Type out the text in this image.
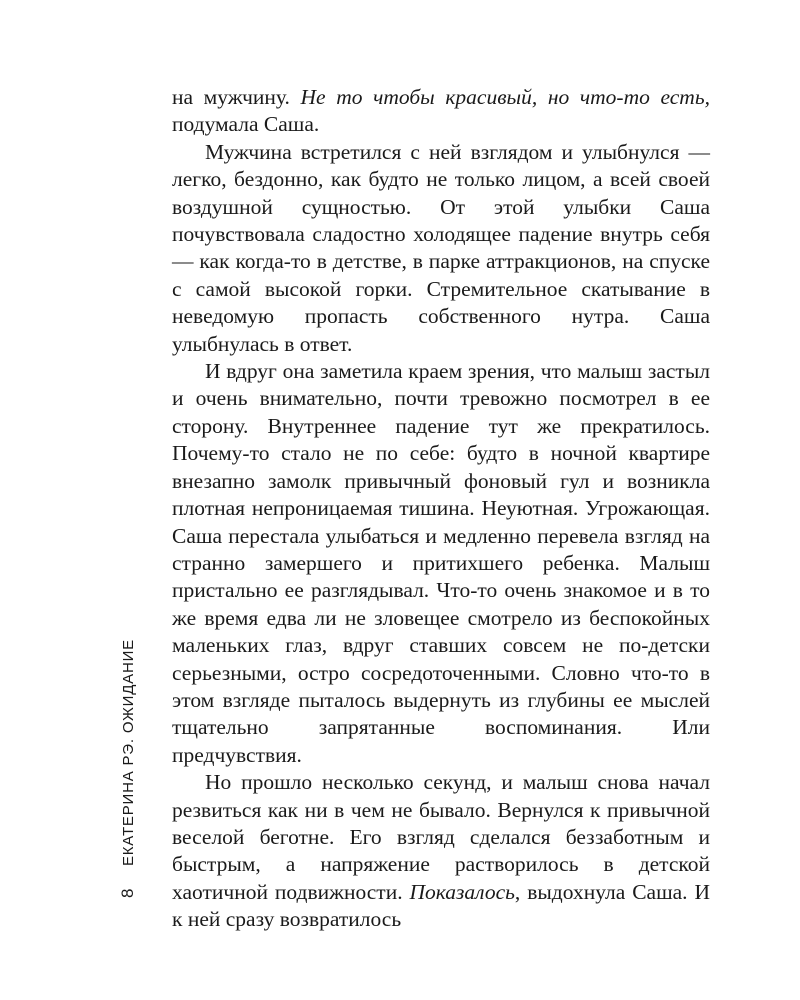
на мужчину. Не то чтобы красивый, но что-то есть, подумала Саша.

Мужчина встретился с ней взглядом и улыбнулся — легко, бездонно, как будто не только лицом, а всей своей воздушной сущностью. От этой улыбки Саша почувствовала сладостно холодящее падение внутрь себя — как когда-то в детстве, в парке аттракционов, на спуске с самой высокой горки. Стремительное скатывание в неведомую пропасть собственного нутра. Саша улыбнулась в ответ.

И вдруг она заметила краем зрения, что малыш застыл и очень внимательно, почти тревожно посмотрел в ее сторону. Внутреннее падение тут же прекратилось. Почему-то стало не по себе: будто в ночной квартире внезапно замолк привычный фоновый гул и возникла плотная непроницаемая тишина. Неуютная. Угрожающая. Саша перестала улыбаться и медленно перевела взгляд на странно замершего и притихшего ребенка. Малыш пристально ее разглядывал. Что-то очень знакомое и в то же время едва ли не зловещее смотрело из беспокойных маленьких глаз, вдруг ставших совсем не по-детски серьезными, остро сосредоточенными. Словно что-то в этом взгляде пыталось выдернуть из глубины ее мыслей тщательно запрятанные воспоминания. Или предчувствия.

Но прошло несколько секунд, и малыш снова начал резвиться как ни в чем не бывало. Вернулся к привычной веселой беготне. Его взгляд сделался беззаботным и быстрым, а напряжение растворилось в детской хаотичной подвижности. Показалось, выдохнула Саша. И к ней сразу возвратилось

8
ЕКАТЕРИНА РЭ. ОЖИДАНИЕ
